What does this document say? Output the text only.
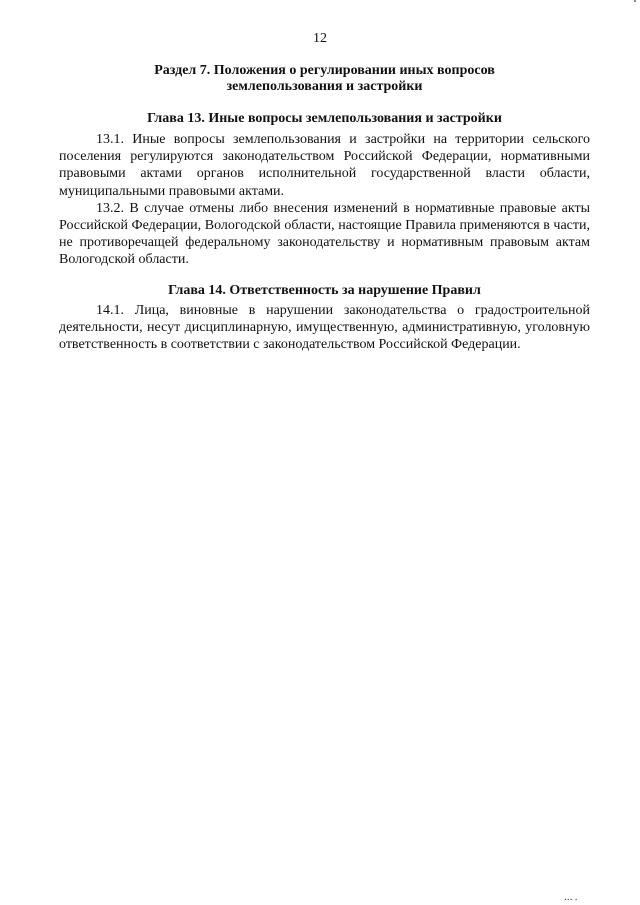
12

Раздел 7. Положения о регулировании иных вопросов

землепользования и застройки

Глава 13. Иные вопросы землепользования и застройки

13.1. Иные вопросы землепользования и застройки на территории сельского поселения регулируются законодательством Российской Федерации, нормативными правовыми актами органов исполнительной государственной власти области, муниципальными правовыми актами.

13.2. В случае отмены либо внесения изменений в нормативные правовые акты Российской Федерации, Вологодской области, настоящие Правила применяются в части, не противоречащей федеральному законодательству и нормативным правовым актам Вологодской области.

Глава 14. Ответственность за нарушение Правил

14.1. Лица, виновные в нарушении законодательства о градостроительной деятельности, несут дисциплинарную, имущественную, административную, уголовную ответственность в соответствии с законодательством Российской Федерации.

▪▪▪ ▪
